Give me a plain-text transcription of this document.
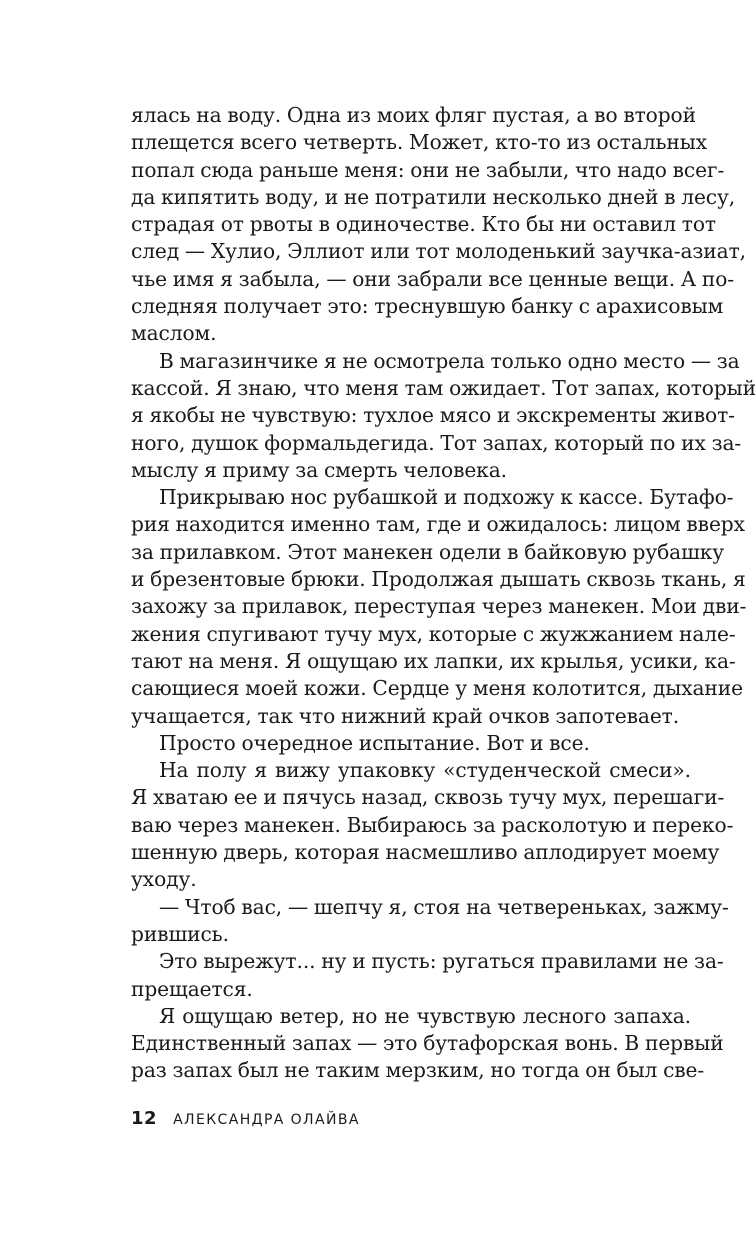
ялась на воду. Одна из моих фляг пустая, а во второй
плещется всего четверть. Может, кто-то из остальных
попал сюда раньше меня: они не забыли, что надо всег-
да кипятить воду, и не потратили несколько дней в лесу,
страдая от рвоты в одиночестве. Кто бы ни оставил тот
след — Хулио, Эллиот или тот молоденький заучка-азиат,
чье имя я забыла, — они забрали все ценные вещи. А по-
следняя получает это: треснувшую банку с арахисовым
маслом.
В магазинчике я не осмотрела только одно место — за
кассой. Я знаю, что меня там ожидает. Тот запах, который
я якобы не чувствую: тухлое мясо и экскременты живот-
ного, душок формальдегида. Тот запах, который по их за-
мыслу я приму за смерть человека.
Прикрываю нос рубашкой и подхожу к кассе. Бутафо-
рия находится именно там, где и ожидалось: лицом вверх
за прилавком. Этот манекен одели в байковую рубашку
и брезентовые брюки. Продолжая дышать сквозь ткань, я
захожу за прилавок, переступая через манекен. Мои дви-
жения спугивают тучу мух, которые с жужжанием нале-
тают на меня. Я ощущаю их лапки, их крылья, усики, ка-
сающиеся моей кожи. Сердце у меня колотится, дыхание
учащается, так что нижний край очков запотевает.
Просто очередное испытание. Вот и все.
На полу я вижу упаковку «студенческой смеси».
Я хватаю ее и пячусь назад, сквозь тучу мух, перешаги-
ваю через манекен. Выбираюсь за расколотую и переко-
шенную дверь, которая насмешливо аплодирует моему
уходу.
— Чтоб вас, — шепчу я, стоя на четвереньках, зажму-
рившись.
Это вырежут... ну и пусть: ругаться правилами не за-
прещается.
Я ощущаю ветер, но не чувствую лесного запаха.
Единственный запах — это бутафорская вонь. В первый
раз запах был не таким мерзким, но тогда он был све-
12 АЛЕКСАНДРА ОЛАЙВА
